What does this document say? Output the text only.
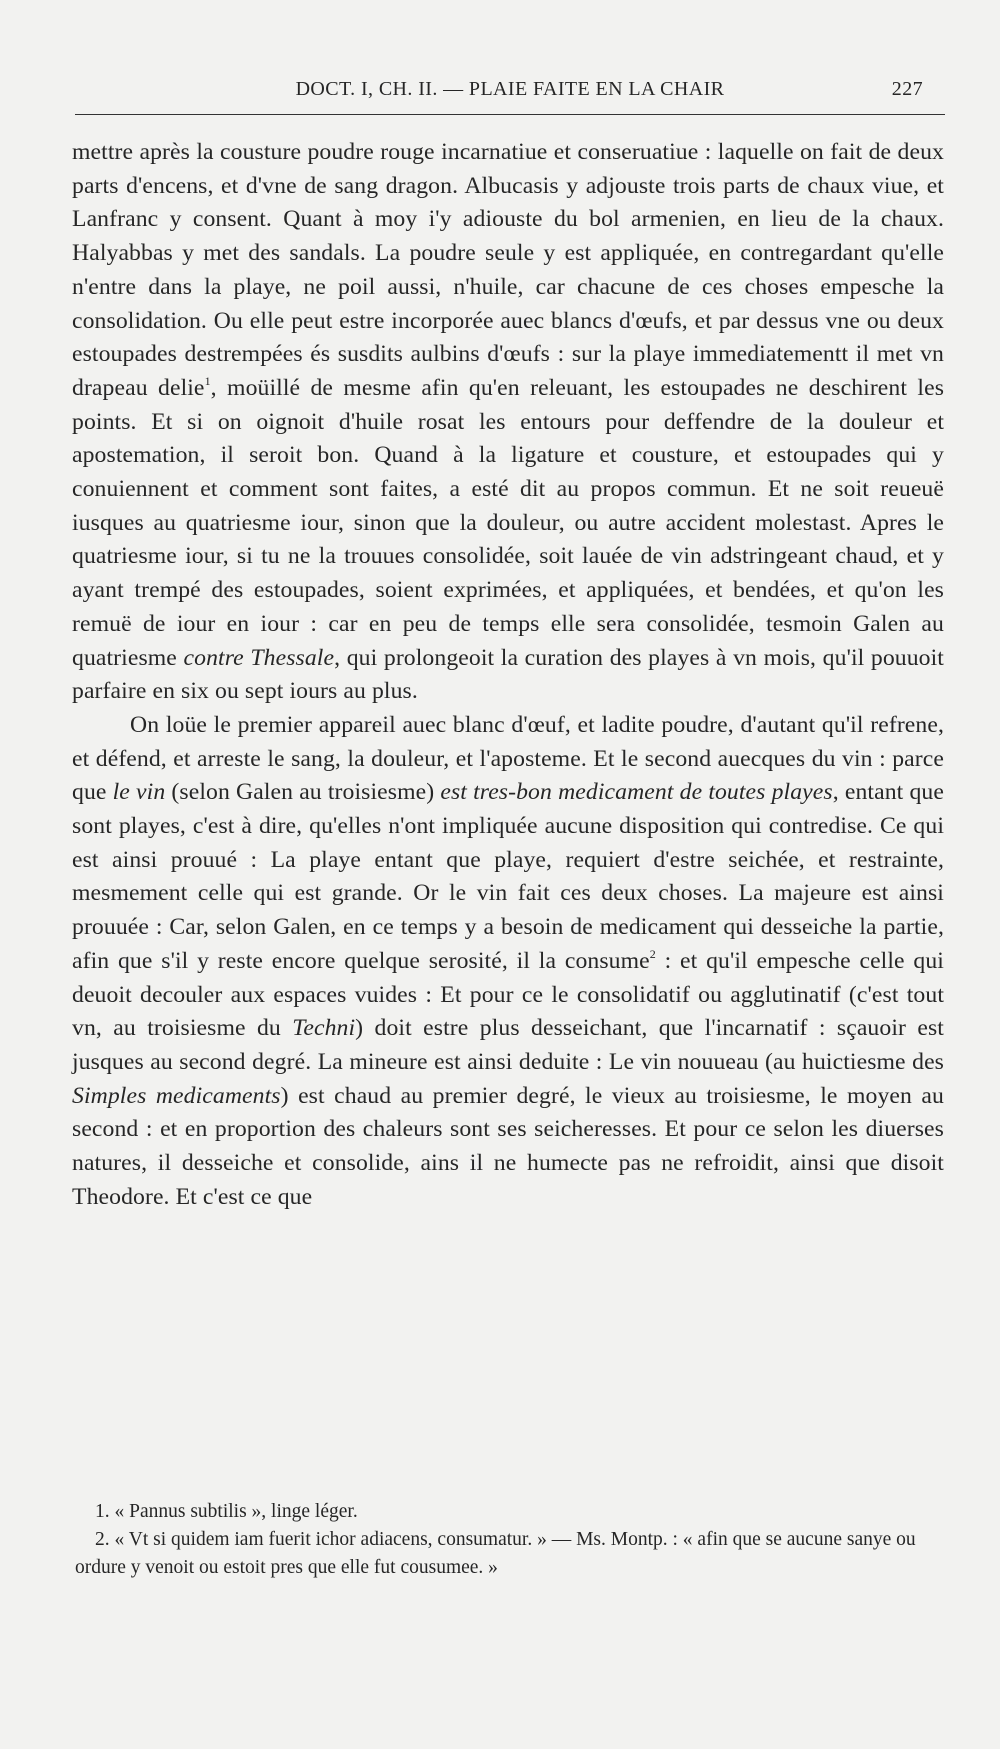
DOCT. I, CH. II. — PLAIE FAITE EN LA CHAIR	227

mettre après la cousture poudre rouge incarnatiue et conseruatiue : laquelle on fait de deux parts d'encens, et d'vne de sang dragon. Albucasis y adjouste trois parts de chaux viue, et Lanfranc y consent. Quant à moy i'y adiouste du bol armenien, en lieu de la chaux. Halyabbas y met des sandals. La poudre seule y est appliquée, en contregardant qu'elle n'entre dans la playe, ne poil aussi, n'huile, car chacune de ces choses empesche la consolidation. Ou elle peut estre incorporée auec blancs d'œufs, et par dessus vne ou deux estoupades destrempées és susdits aulbins d'œufs : sur la playe immediatementt il met vn drapeau delie$^1$, moüillé de mesme afin qu'en releuant, les estoupades ne deschirent les points. Et si on oignoit d'huile rosat les entours pour deffendre de la douleur et apostemation, il seroit bon. Quand à la ligature et cousture, et estoupades qui y conuiennent et comment sont faites, a esté dit au propos commun. Et ne soit reueuë iusques au quatriesme iour, sinon que la douleur, ou autre accident molestast. Apres le quatriesme iour, si tu ne la trouues consolidée, soit lauée de vin adstringeant chaud, et y ayant trempé des estoupades, soient exprimées, et appliquées, et bendées, et qu'on les remuë de iour en iour : car en peu de temps elle sera consolidée, tesmoin Galen au quatriesme contre Thessale, qui prolongeoit la curation des playes à vn mois, qu'il pouuoit parfaire en six ou sept iours au plus.

On loüe le premier appareil auec blanc d'œuf, et ladite poudre, d'autant qu'il refrene, et défend, et arreste le sang, la douleur, et l'aposteme. Et le second auecques du vin : parce que le vin (selon Galen au troisiesme) est tres-bon medicament de toutes playes, entant que sont playes, c'est à dire, qu'elles n'ont impliquée aucune disposition qui contredise. Ce qui est ainsi prouué : La playe entant que playe, requiert d'estre seichée, et restrainte, mesmement celle qui est grande. Or le vin fait ces deux choses. La majeure est ainsi prouuée : Car, selon Galen, en ce temps y a besoin de medicament qui desseiche la partie, afin que s'il y reste encore quelque serosité, il la consume$^2$ : et qu'il empesche celle qui deuoit decouler aux espaces vuides : Et pour ce le consolidatif ou agglutinatif (c'est tout vn, au troisiesme du Techni) doit estre plus desseichant, que l'incarnatif : sçauoir est jusques au second degré. La mineure est ainsi deduite : Le vin nouueau (au huictiesme des Simples medicaments) est chaud au premier degré, le vieux au troisiesme, le moyen au second : et en proportion des chaleurs sont ses seicheresses. Et pour ce selon les diuerses natures, il desseiche et consolide, ains il ne humecte pas ne refroidit, ainsi que disoit Theodore. Et c'est ce que

1. « Pannus subtilis », linge léger.

2. « Vt si quidem iam fuerit ichor adiacens, consumatur. » — Ms. Montp. : « afin que se aucune sanye ou ordure y venoit ou estoit pres que elle fut cousumee. »
